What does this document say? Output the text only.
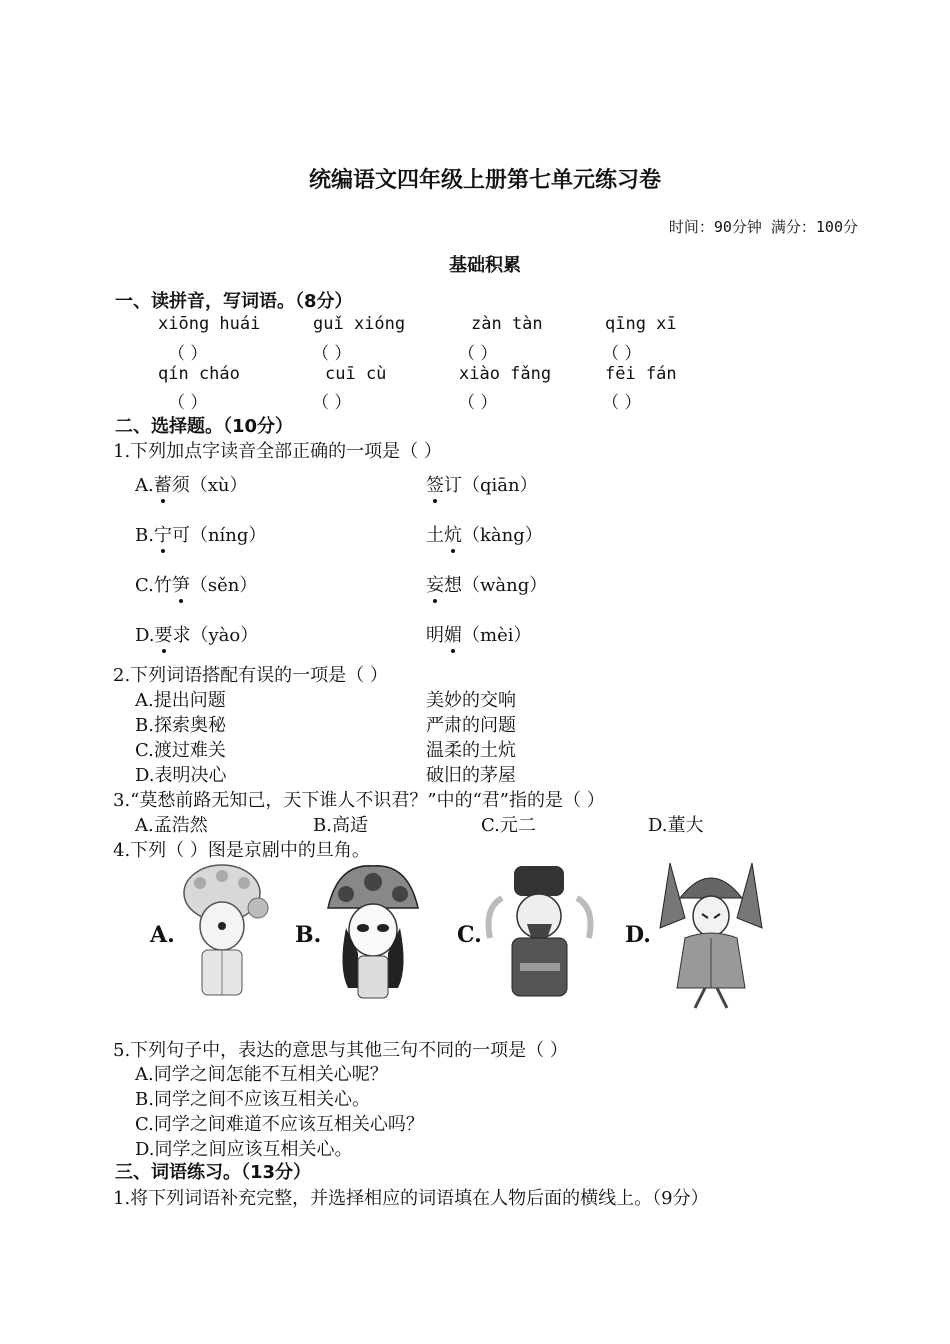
统编语文四年级上册第七单元练习卷
时间：90分钟 满分：100分
基础积累
一、读拼音，写词语。（8分）
xiōng huái	guǐ xióng	zàn tàn	qīng xī
（ ）	（ ）	（ ）	（ ）
qín cháo	cuī cù	xiào fǎng	fēi fán
（ ）	（ ）	（ ）	（ ）
二、选择题。（10分）
1.下列加点字读音全部正确的一项是（ ）
A.蓄须（xù）	签订（qiān）
B.宁可（níng）	土炕（kàng）
C.竹笋（sěn）	妄想（wàng）
D.要求（yào）	明媚（mèi）
2.下列词语搭配有误的一项是（ ）
A.提出问题	美妙的交响
B.探索奥秘	严肃的问题
C.渡过难关	温柔的土炕
D.表明决心	破旧的茅屋
3.“莫愁前路无知己，天下谁人不识君？”中的“君”指的是（ ）
A.孟浩然	B.高适	C.元二	D.董大
4.下列（ ）图是京剧中的旦角。
A.	B.	C.	D.
5.下列句子中，表达的意思与其他三句不同的一项是（ ）
A.同学之间怎能不互相关心呢？
B.同学之间不应该互相关心。
C.同学之间难道不应该互相关心吗？
D.同学之间应该互相关心。
三、词语练习。（13分）
1.将下列词语补充完整，并选择相应的词语填在人物后面的横线上。（9分）
